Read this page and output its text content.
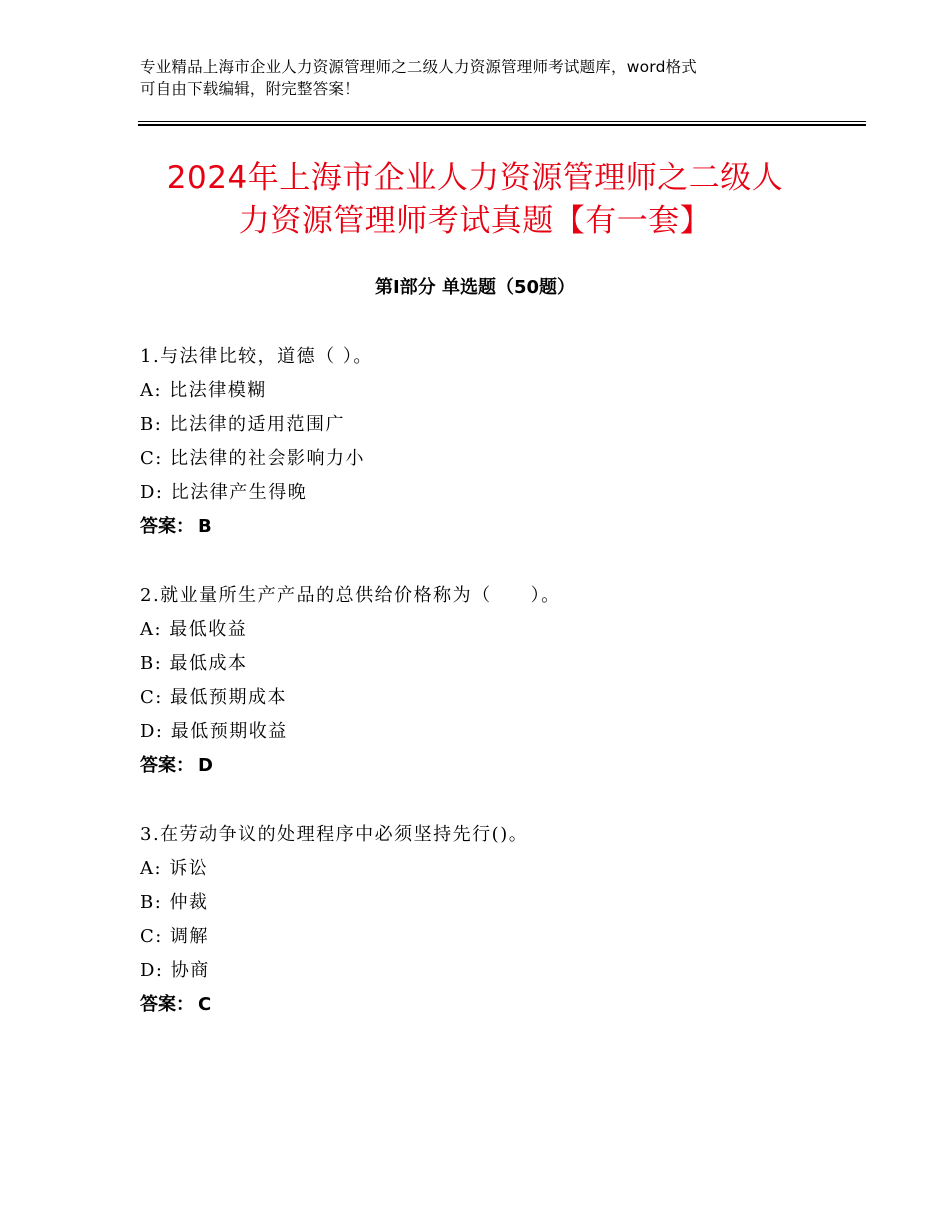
专业精品上海市企业人力资源管理师之二级人力资源管理师考试题库，word格式
可自由下载编辑，附完整答案！
2024年上海市企业人力资源管理师之二级人
力资源管理师考试真题【有一套】
第Ⅰ部分 单选题（50题）
1.与法律比较，道德（ ）。
A: 比法律模糊
B: 比法律的适用范围广
C: 比法律的社会影响力小
D: 比法律产生得晚
答案： B
2.就业量所生产产品的总供给价格称为（　　）。
A: 最低收益
B: 最低成本
C: 最低预期成本
D: 最低预期收益
答案： D
3.在劳动争议的处理程序中必须坚持先行()。
A: 诉讼
B: 仲裁
C: 调解
D: 协商
答案： C
